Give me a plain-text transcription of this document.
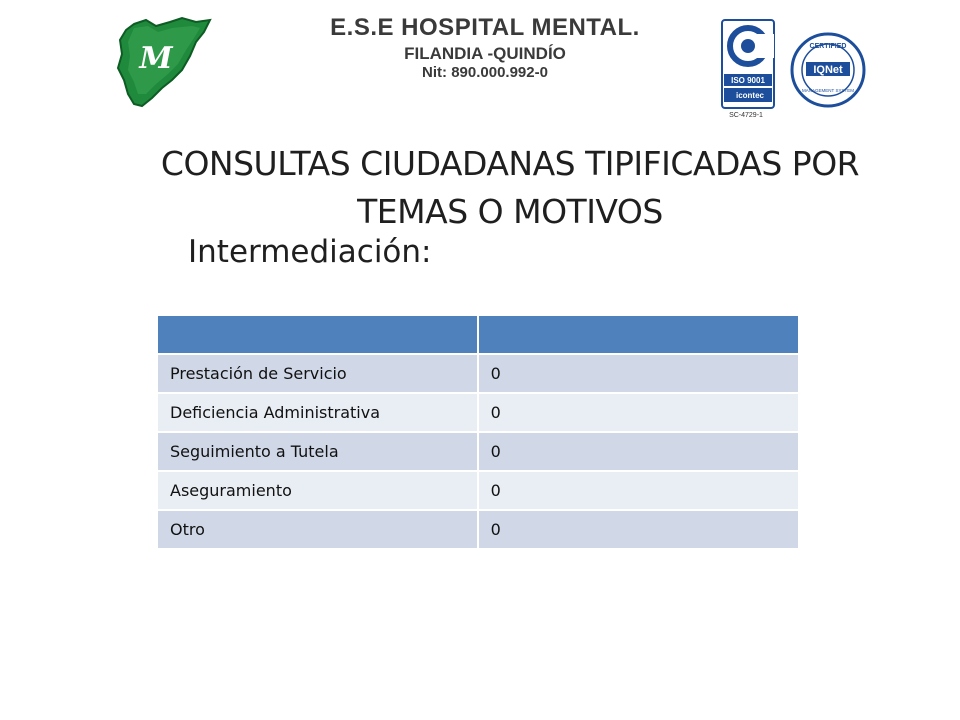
M
E.S.E HOSPITAL MENTAL.
FILANDIA -QUINDÍO
Nit: 890.000.992-0	ISO 9001
icontec
SC-4729-1
CERTIFIED
IQNet
MANAGEMENT SYSTEM
CONSULTAS CIUDADANAS TIPIFICADAS POR
TEMAS O MOTIVOS
Intermediación:

Prestación de Servicio	0
Deficiencia Administrativa	0
Seguimiento a Tutela	0
Aseguramiento	0
Otro	0
